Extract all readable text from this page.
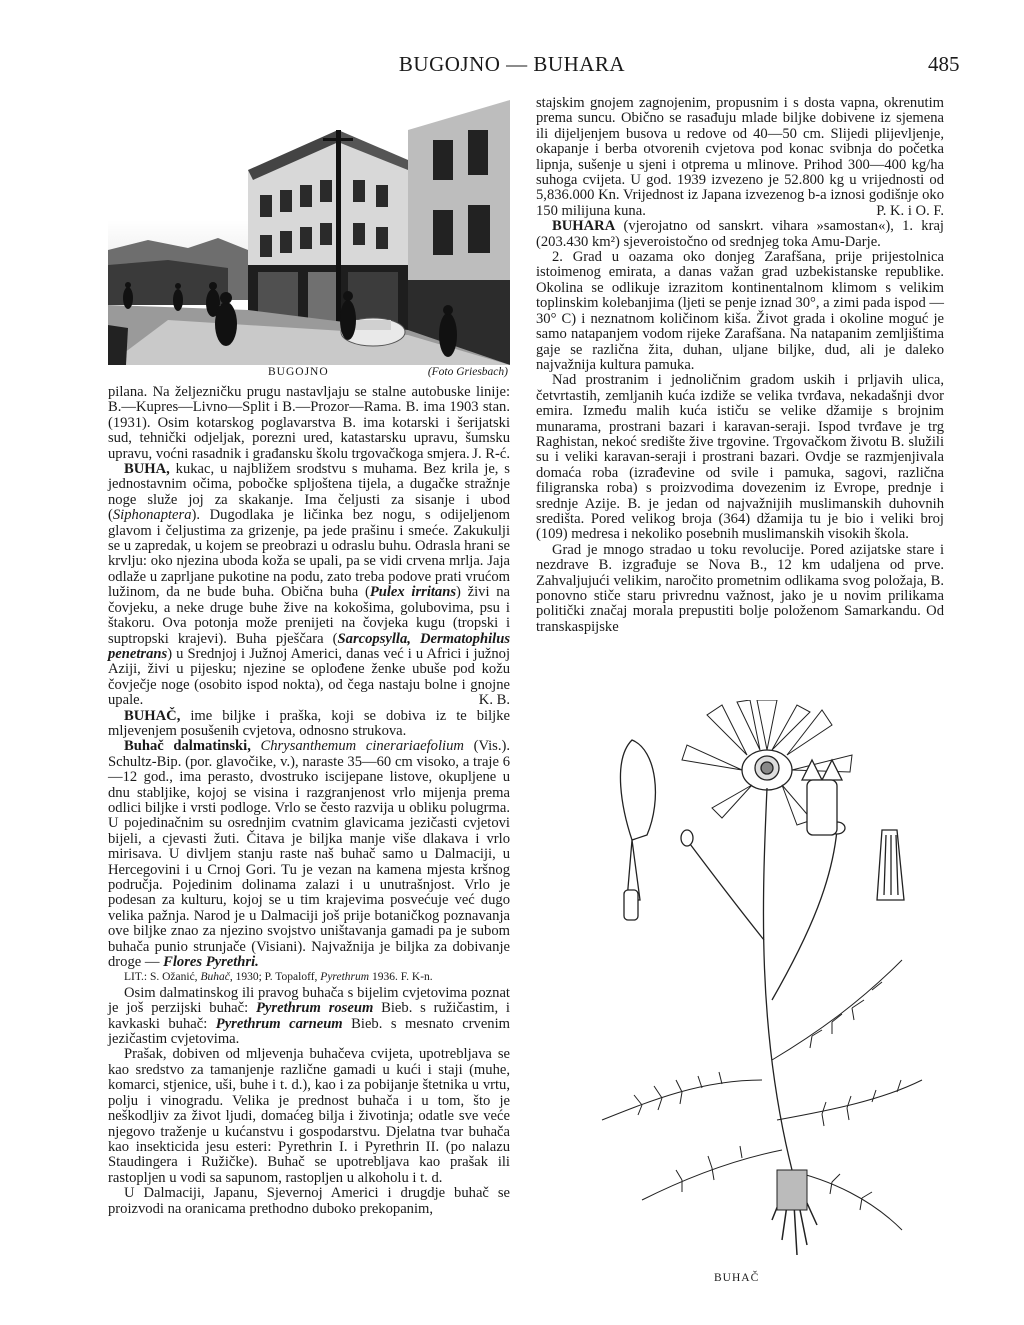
BUGOJNO — BUHARA	485
BUGOJNO	(Foto Griesbach)

pilana. Na željezničku prugu nastavljaju se stalne autobuske linije: B.—Kupres—Livno—Split i B.—Prozor—Rama. B. ima 1903 stan. (1931). Osim kotarskog poglavarstva B. ima kotarski i šerijatski sud, tehnički odjeljak, porezni ured, katastarsku upravu, šumsku upravu, voćni rasadnik i građansku školu trgovačkoga smjera. J. R-ć.

BUHA, kukac, u najbližem srodstvu s muhama. Bez krila je, s jednostavnim očima, pobočke spljoštena tijela, a dugačke stražnje noge služe joj za skakanje. Ima čeljusti za sisanje i ubod (Siphonaptera). Dugodlaka je ličinka bez nogu, s odijeljenom glavom i čeljustima za grizenje, pa jede prašinu i smeće. Zakukulji se u zapredak, u kojem se preobrazi u odraslu buhu. Odrasla hrani se krvlju: oko njezina uboda koža se upali, pa se vidi crvena mrlja. Jaja odlaže u zaprljane pukotine na podu, zato treba podove prati vrućom lužinom, da ne bude buha. Obična buha (Pulex irritans) živi na čovjeku, a neke druge buhe žive na kokošima, golubovima, psu i štakoru. Ova potonja može prenijeti na čovjeka kugu (tropski i suptropski krajevi). Buha pješčara (Sarcopsylla, Dermatophilus penetrans) u Srednjoj i Južnoj Americi, danas već i u Africi i južnoj Aziji, živi u pijesku; njezine se oplođene ženke ubuše pod kožu čovječje noge (osobito ispod nokta), od čega nastaju bolne i gnojne upale.	K. B.

BUHAČ, ime biljke i praška, koji se dobiva iz te biljke mljevenjem posušenih cvjetova, odnosno strukova.

Buhač dalmatinski, Chrysanthemum cinerariaefolium (Vis.). Schultz-Bip. (por. glavočike, v.), naraste 35—60 cm visoko, a traje 6—12 god., ima perasto, dvostruko iscijepane listove, okupljene u dnu stabljike, kojoj se visina i razgranjenost vrlo mijenja prema odlici biljke i vrsti podloge. Vrlo se često razvija u obliku polugrma. U pojedinačnim su osrednjim cvatnim glavicama jezičasti cvjetovi bijeli, a cjevasti žuti. Čitava je biljka manje više dlakava i vrlo mirisava. U divljem stanju raste naš buhač samo u Dalmaciji, u Hercegovini i u Crnoj Gori. Tu je vezan na kamena mjesta kršnog područja. Pojedinim dolinama zalazi i u unutrašnjost. Vrlo je podesan za kulturu, kojoj se u tim krajevima posvećuje već dugo velika pažnja. Narod je u Dalmaciji još prije botaničkog poznavanja ove biljke znao za njezino svojstvo uništavanja gamadi pa je subom buhača punio strunjače (Visiani). Najvažnija je biljka za dobivanje droge — Flores Pyrethri.

LIT.: S. Ožanić, Buhač, 1930; P. Topaloff, Pyrethrum 1936. F. K-n.

Osim dalmatinskog ili pravog buhača s bijelim cvjetovima poznat je još perzijski buhač: Pyrethrum roseum Bieb. s ružičastim, i kavkaski buhač: Pyrethrum carneum Bieb. s mesnato crvenim jezičastim cvjetovima.

Prašak, dobiven od mljevenja buhačeva cvijeta, upotrebljava se kao sredstvo za tamanjenje različne gamadi u kući i staji (muhe, komarci, stjenice, uši, buhe i t. d.), kao i za pobijanje štetnika u vrtu, polju i vinogradu. Velika je prednost buhača i u tom, što je neškodljiv za život ljudi, domaćeg bilja i životinja; odatle sve veće njegovo traženje u kućanstvu i gospodarstvu. Djelatna tvar buhača kao insekticida jesu esteri: Pyrethrin I. i Pyrethrin II. (po nalazu Staudingera i Ružičke). Buhač se upotrebljava kao prašak ili rastopljen u vodi sa sapunom, rastopljen u alkoholu i t. d.

U Dalmaciji, Japanu, Sjevernoj Americi i drugdje buhač se proizvodi na oranicama prethodno duboko prekopanim,

stajskim gnojem zagnojenim, propusnim i s dosta vapna, okrenutim prema suncu. Obično se rasađuju mlade biljke dobivene iz sjemena ili dijeljenjem busova u redove od 40—50 cm. Slijedi plijevljenje, okapanje i berba otvorenih cvjetova pod konac svibnja do početka lipnja, sušenje u sjeni i otprema u mlinove. Prihod 300—400 kg/ha suhoga cvijeta. U god. 1939 izvezeno je 52.800 kg u vrijednosti od 5,836.000 Kn. Vrijednost iz Japana izvezenog b-a iznosi godišnje oko 150 milijuna kuna.	P. K. i O. F.

BUHARA (vjerojatno od sanskrt. vihara »samostan«), 1. kraj (203.430 km²) sjeveroistočno od srednjeg toka Amu-Darje.

2. Grad u oazama oko donjeg Zarafšana, prije prijestolnica istoimenog emirata, a danas važan grad uzbekistanske republike. Okolina se odlikuje izrazitom kontinentalnom klimom s velikim toplinskim kolebanjima (ljeti se penje iznad 30°, a zimi pada ispod —30° C) i neznatnom količinom kiša. Život grada i okoline moguć je samo natapanjem vodom rijeke Zarafšana. Na natapanim zemljištima gaje se različna žita, duhan, uljane biljke, dud, ali je daleko najvažnija kultura pamuka.

Nad prostranim i jednoličnim gradom uskih i prljavih ulica, četvrtastih, zemljanih kuća izdiže se velika tvrđava, nekadašnji dvor emira. Između malih kuća ističu se velike džamije s brojnim munarama, prostrani bazari i karavan-seraji. Ispod tvrđave je trg Raghistan, nekoć središte žive trgovine. Trgovačkom životu B. služili su i veliki karavan-seraji i prostrani bazari. Ovdje se razmjenjivala domaća roba (izrađevine od svile i pamuka, sagovi, različna filigranska roba) s proizvodima dovezenim iz Evrope, prednje i srednje Azije. B. je jedan od najvažnijih muslimanskih duhovnih središta. Pored velikog broja (364) džamija tu je bio i veliki broj (109) medresa i nekoliko posebnih muslimanskih visokih škola.

Grad je mnogo stradao u toku revolucije. Pored azijatske stare i nezdrave B. izgrađuje se Nova B., 12 km udaljena od prve. Zahvaljujući velikim, naročito prometnim odlikama svog položaja, B. ponovno stiče staru privrednu važnost, jako je u novim prilikama politički značaj morala prepustiti bolje položenom Samarkandu. Od transkaspijske

BUHAČ
